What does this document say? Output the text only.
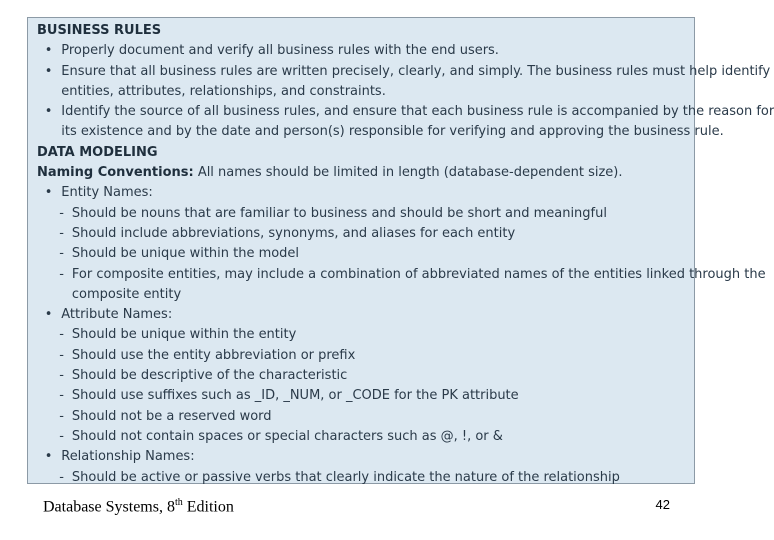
BUSINESS RULES
• Properly document and verify all business rules with the end users.
• Ensure that all business rules are written precisely, clearly, and simply. The business rules must help identify
entities, attributes, relationships, and constraints.
• Identify the source of all business rules, and ensure that each business rule is accompanied by the reason for
its existence and by the date and person(s) responsible for verifying and approving the business rule.
DATA MODELING
Naming Conventions: All names should be limited in length (database-dependent size).
• Entity Names:
- Should be nouns that are familiar to business and should be short and meaningful
- Should include abbreviations, synonyms, and aliases for each entity
- Should be unique within the model
- For composite entities, may include a combination of abbreviated names of the entities linked through the
composite entity
• Attribute Names:
- Should be unique within the entity
- Should use the entity abbreviation or prefix
- Should be descriptive of the characteristic
- Should use suffixes such as _ID, _NUM, or _CODE for the PK attribute
- Should not be a reserved word
- Should not contain spaces or special characters such as @, !, or &
• Relationship Names:
- Should be active or passive verbs that clearly indicate the nature of the relationship
Database Systems, 8th Edition	42
